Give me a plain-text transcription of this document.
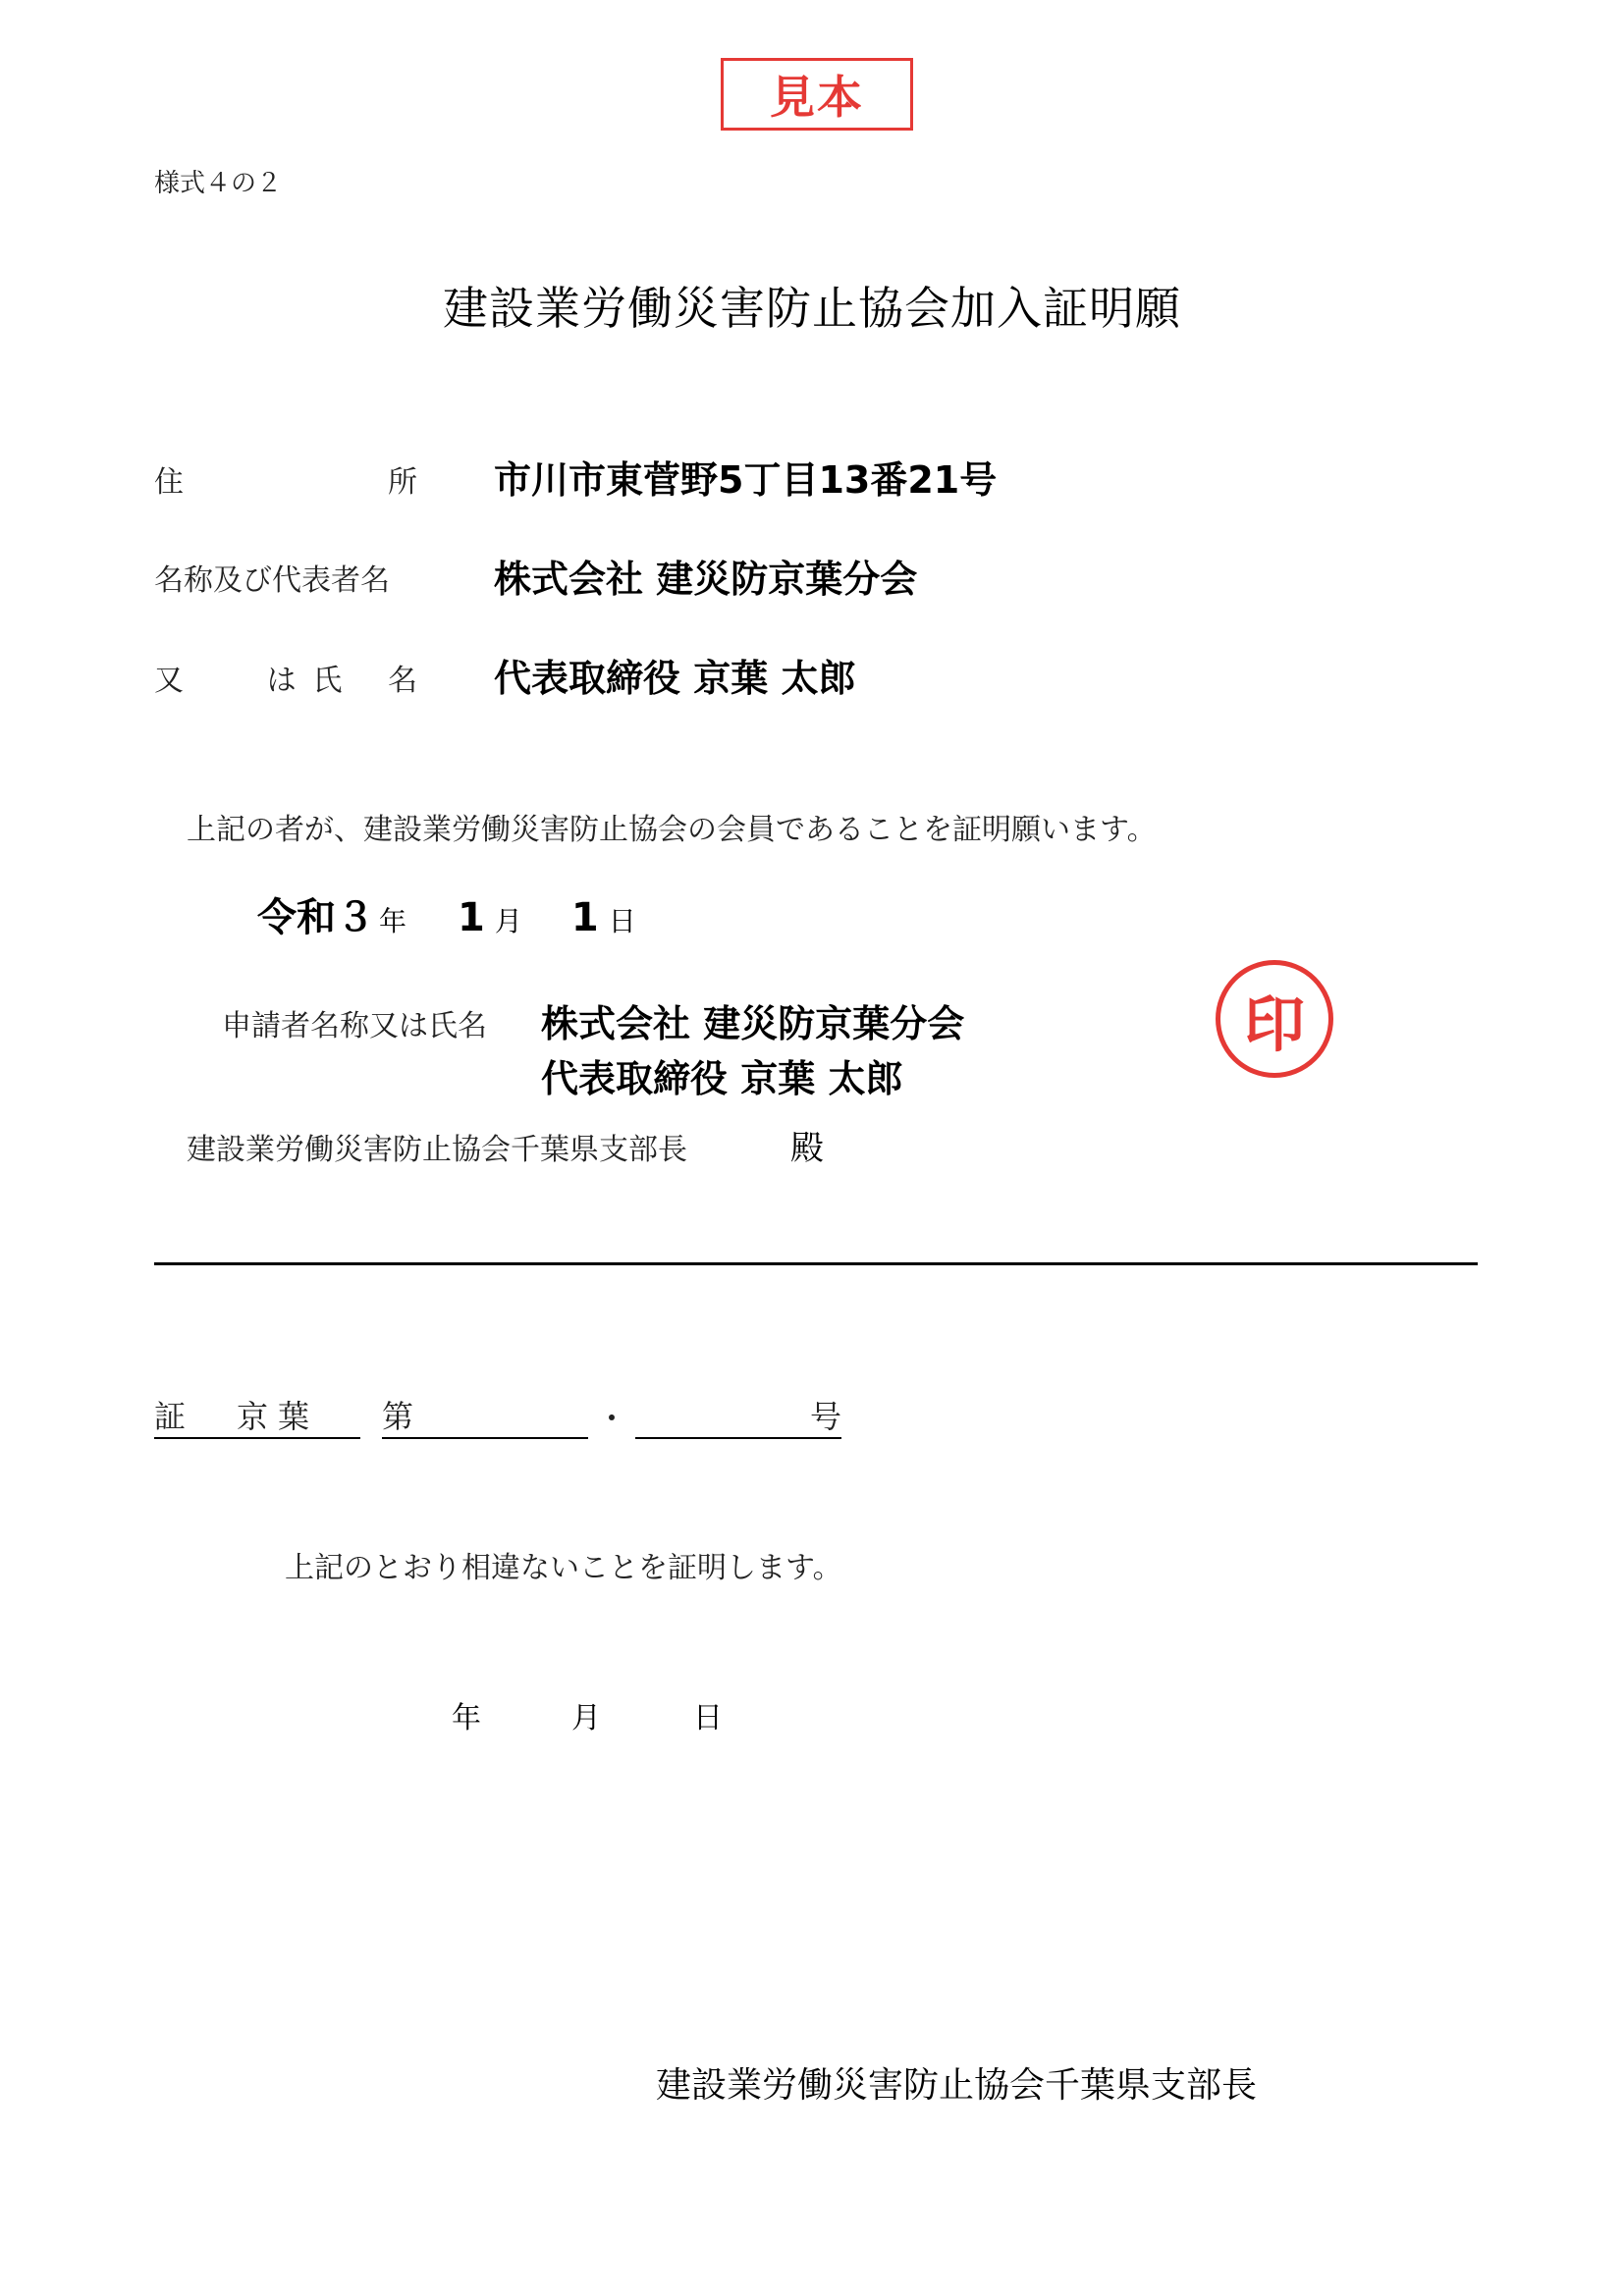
見本
様式４の２
建設業労働災害防止協会加入証明願
住	所 市川市東菅野5丁目13番21号
名称及び代表者名	株式会社 建災防京葉分会
又	は 氏 名 代表取締役 京葉 太郎
上記の者が、建設業労働災害防止協会の会員であることを証明願います。
令和３ 年 1 月 1 日
申請者名称又は氏名 株式会社 建災防京葉分会
代表取締役 京葉 太郎
印
建設業労働災害防止協会千葉県支部長	殿
証　京葉	第	・	号
上記のとおり相違ないことを証明します。
年	月	日
建設業労働災害防止協会千葉県支部長
